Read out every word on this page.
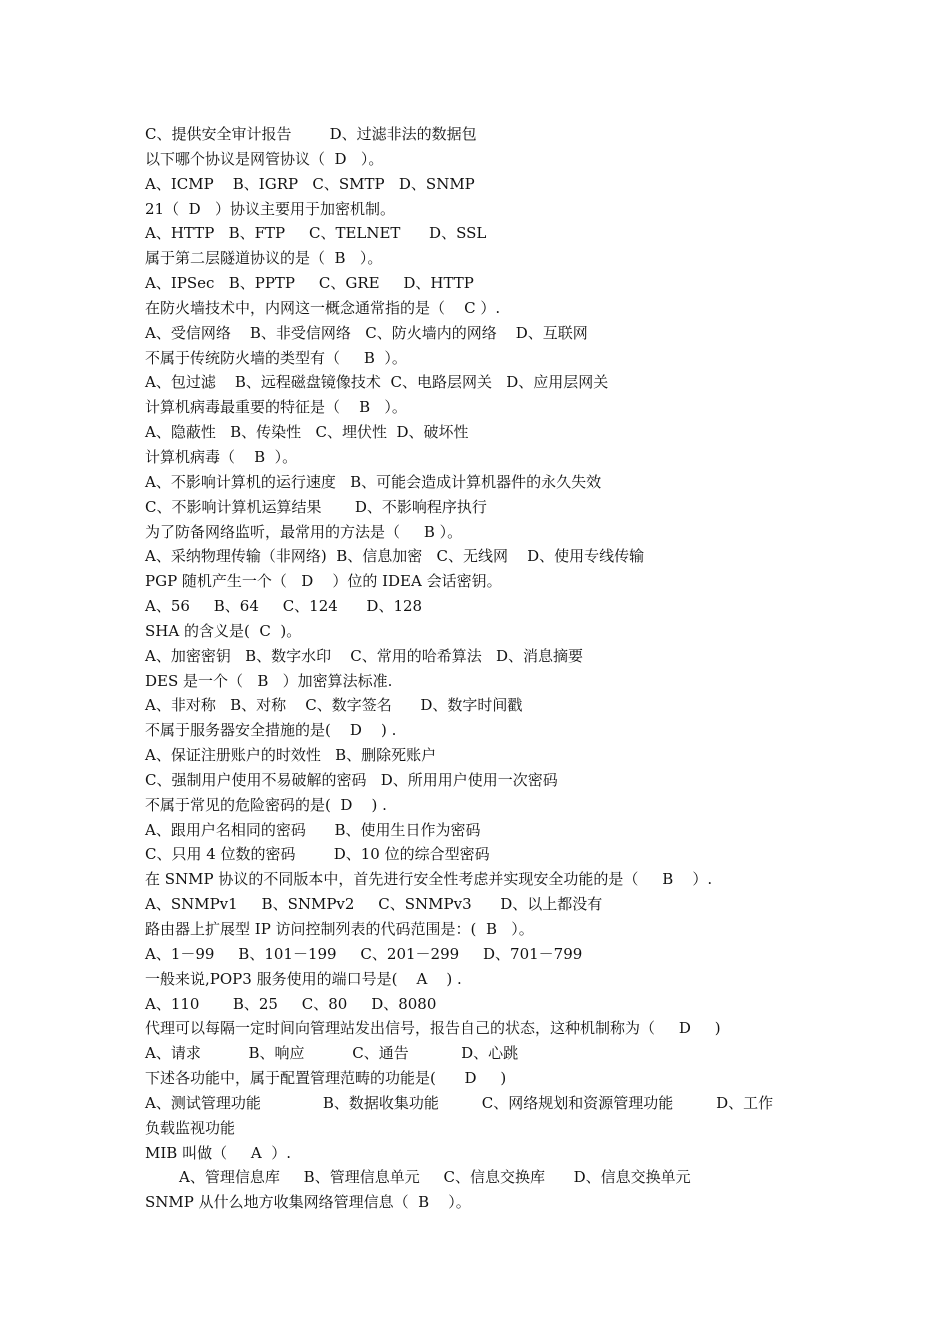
C、提供安全审计报告        D、过滤非法的数据包
以下哪个协议是网管协议（  D   ）。
A、ICMP    B、IGRP   C、SMTP   D、SNMP
21（  D   ）协议主要用于加密机制。
A、HTTP   B、FTP     C、TELNET      D、SSL
属于第二层隧道协议的是（  B   ）。
A、IPSec   B、PPTP     C、GRE     D、HTTP
在防火墙技术中，内网这一概念通常指的是（    C ）.
A、受信网络    B、非受信网络   C、防火墙内的网络    D、互联网
不属于传统防火墙的类型有（     B  ）。
A、包过滤    B、远程磁盘镜像技术  C、电路层网关   D、应用层网关
计算机病毒最重要的特征是（    B   ）。
A、隐蔽性   B、传染性   C、埋伏性  D、破坏性
计算机病毒（    B  ）。
A、不影响计算机的运行速度   B、可能会造成计算机器件的永久失效
C、不影响计算机运算结果       D、不影响程序执行
为了防备网络监听，最常用的方法是（     B ）。
A、采纳物理传输（非网络)  B、信息加密   C、无线网    D、使用专线传输
PGP 随机产生一个（   D    ）位的 IDEA 会话密钥。
A、56     B、64     C、124      D、128
SHA 的含义是(  C  )。
A、加密密钥   B、数字水印    C、常用的哈希算法   D、消息摘要
DES 是一个（   B   ）加密算法标准.
A、非对称   B、对称    C、数字签名      D、数字时间戳
不属于服务器安全措施的是(    D    ) .
A、保证注册账户的时效性   B、删除死账户
C、强制用户使用不易破解的密码   D、所用用户使用一次密码
不属于常见的危险密码的是(  D    ) .
A、跟用户名相同的密码      B、使用生日作为密码
C、只用 4 位数的密码        D、10 位的综合型密码
在 SNMP 协议的不同版本中，首先进行安全性考虑并实现安全功能的是（     B    ）.
A、SNMPv1     B、SNMPv2     C、SNMPv3      D、以上都没有
路由器上扩展型 IP 访问控制列表的代码范围是：(  B   ）。
A、1－99     B、101－199     C、201－299     D、701－799
一般来说,POP3 服务使用的端口号是(    A    ) .
A、110       B、25     C、80     D、8080
代理可以每隔一定时间向管理站发出信号，报告自己的状态，这种机制称为（     D     )
A、请求          B、响应          C、通告           D、心跳
下述各功能中，属于配置管理范畴的功能是(      D     )
A、测试管理功能             B、数据收集功能         C、网络规划和资源管理功能         D、工作
负载监视功能
MIB 叫做（     A  ）.
A、管理信息库     B、管理信息单元     C、信息交换库      D、信息交换单元
SNMP 从什么地方收集网络管理信息（  B    ）。
